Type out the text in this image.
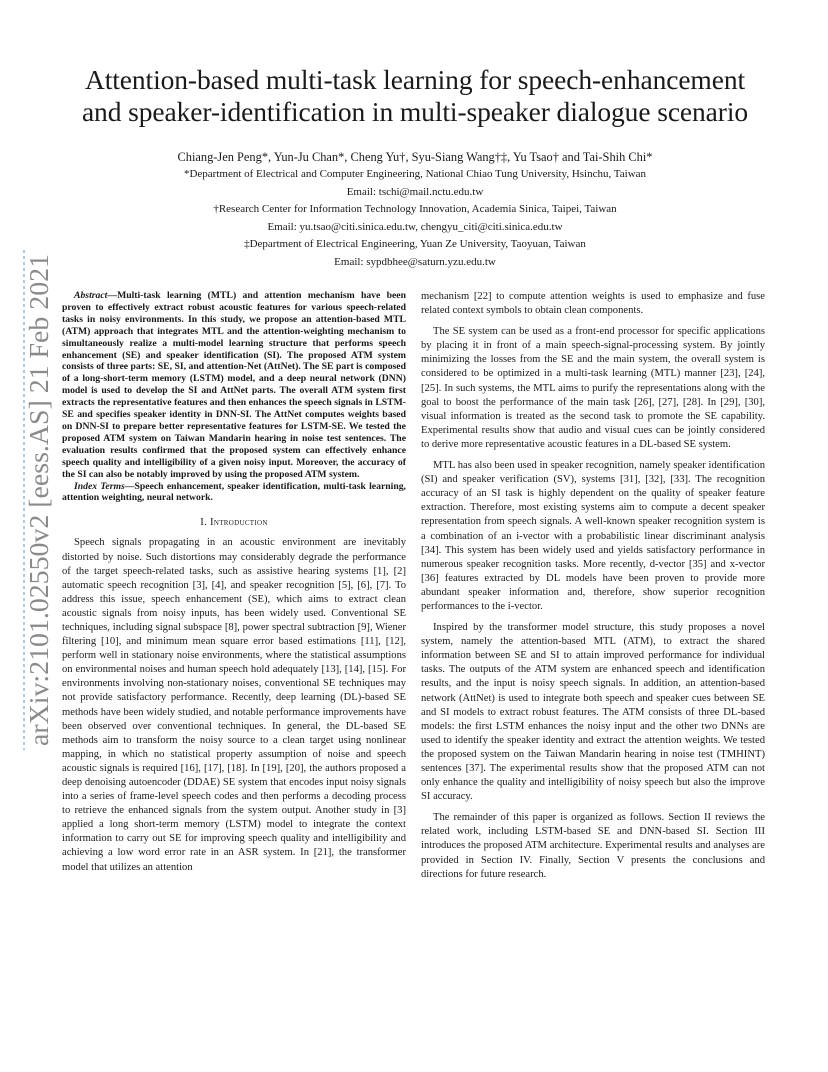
arXiv:2101.02550v2 [eess.AS] 21 Feb 2021
Attention-based multi-task learning for speech-enhancement
and speaker-identification in multi-speaker dialogue scenario

Chiang-Jen Peng*, Yun-Ju Chan*, Cheng Yu†, Syu-Siang Wang†‡, Yu Tsao† and Tai-Shih Chi*

*Department of Electrical and Computer Engineering, National Chiao Tung University, Hsinchu, Taiwan
Email: tschi@mail.nctu.edu.tw
†Research Center for Information Technology Innovation, Academia Sinica, Taipei, Taiwan
Email: yu.tsao@citi.sinica.edu.tw, chengyu_citi@citi.sinica.edu.tw
‡Department of Electrical Engineering, Yuan Ze University, Taoyuan, Taiwan
Email: sypdbhee@saturn.yzu.edu.tw

Abstract—Multi-task learning (MTL) and attention mechanism have been proven to effectively extract robust acoustic features for various speech-related tasks in noisy environments. In this study, we propose an attention-based MTL (ATM) approach that integrates MTL and the attention-weighting mechanism to simultaneously realize a multi-model learning structure that performs speech enhancement (SE) and speaker identification (SI). The proposed ATM system consists of three parts: SE, SI, and attention-Net (AttNet). The SE part is composed of a long-short-term memory (LSTM) model, and a deep neural network (DNN) model is used to develop the SI and AttNet parts. The overall ATM system first extracts the representative features and then enhances the speech signals in LSTM-SE and specifies speaker identity in DNN-SI. The AttNet computes weights based on DNN-SI to prepare better representative features for LSTM-SE. We tested the proposed ATM system on Taiwan Mandarin hearing in noise test sentences. The evaluation results confirmed that the proposed system can effectively enhance speech quality and intelligibility of a given noisy input. Moreover, the accuracy of the SI can also be notably improved by using the proposed ATM system.

Index Terms—Speech enhancement, speaker identification, multi-task learning, attention weighting, neural network.

I. Introduction

Speech signals propagating in an acoustic environment are inevitably distorted by noise. Such distortions may considerably degrade the performance of the target speech-related tasks, such as assistive hearing systems [1], [2] automatic speech recognition [3], [4], and speaker recognition [5], [6], [7]. To address this issue, speech enhancement (SE), which aims to extract clean acoustic signals from noisy inputs, has been widely used. Conventional SE techniques, including signal subspace [8], power spectral subtraction [9], Wiener filtering [10], and minimum mean square error based estimations [11], [12], perform well in stationary noise environments, where the statistical assumptions on environmental noises and human speech hold adequately [13], [14], [15]. For environments involving non-stationary noises, conventional SE techniques may not provide satisfactory performance. Recently, deep learning (DL)-based SE methods have been widely studied, and notable performance improvements have been observed over conventional techniques. In general, the DL-based SE methods aim to transform the noisy source to a clean target using nonlinear mapping, in which no statistical property assumption of noise and speech acoustic signals is required [16], [17], [18]. In [19], [20], the authors proposed a deep denoising autoencoder (DDAE) SE system that encodes input noisy signals into a series of frame-level speech codes and then performs a decoding process to retrieve the enhanced signals from the system output. Another study in [3] applied a long short-term memory (LSTM) model to integrate the context information to carry out SE for improving speech quality and intelligibility and achieving a low word error rate in an ASR system. In [21], the transformer model that utilizes an attention

mechanism [22] to compute attention weights is used to emphasize and fuse related context symbols to obtain clean components.

The SE system can be used as a front-end processor for specific applications by placing it in front of a main speech-signal-processing system. By jointly minimizing the losses from the SE and the main system, the overall system is considered to be optimized in a multi-task learning (MTL) manner [23], [24], [25]. In such systems, the MTL aims to purify the representations along with the goal to boost the performance of the main task [26], [27], [28]. In [29], [30], visual information is treated as the second task to promote the SE capability. Experimental results show that audio and visual cues can be jointly considered to derive more representative acoustic features in a DL-based SE system.

MTL has also been used in speaker recognition, namely speaker identification (SI) and speaker verification (SV), systems [31], [32], [33]. The recognition accuracy of an SI task is highly dependent on the quality of speaker feature extraction. Therefore, most existing systems aim to compute a decent speaker representation from speech signals. A well-known speaker recognition system is a combination of an i-vector with a probabilistic linear discriminant analysis [34]. This system has been widely used and yields satisfactory performance in numerous speaker recognition tasks. More recently, d-vector [35] and x-vector [36] features extracted by DL models have been proven to provide more abundant speaker information and, therefore, show superior recognition performances to the i-vector.

Inspired by the transformer model structure, this study proposes a novel system, namely the attention-based MTL (ATM), to extract the shared information between SE and SI to attain improved performance for individual tasks. The outputs of the ATM system are enhanced speech and identification results, and the input is noisy speech signals. In addition, an attention-based network (AttNet) is used to integrate both speech and speaker cues between SE and SI models to extract robust features. The ATM consists of three DL-based models: the first LSTM enhances the noisy input and the other two DNNs are used to identify the speaker identity and extract the attention weights. We tested the proposed system on the Taiwan Mandarin hearing in noise test (TMHINT) sentences [37]. The experimental results show that the proposed ATM can not only enhance the quality and intelligibility of noisy speech but also the improve SI accuracy.

The remainder of this paper is organized as follows. Section II reviews the related work, including LSTM-based SE and DNN-based SI. Section III introduces the proposed ATM architecture. Experimental results and analyses are provided in Section IV. Finally, Section V presents the conclusions and directions for future research.
